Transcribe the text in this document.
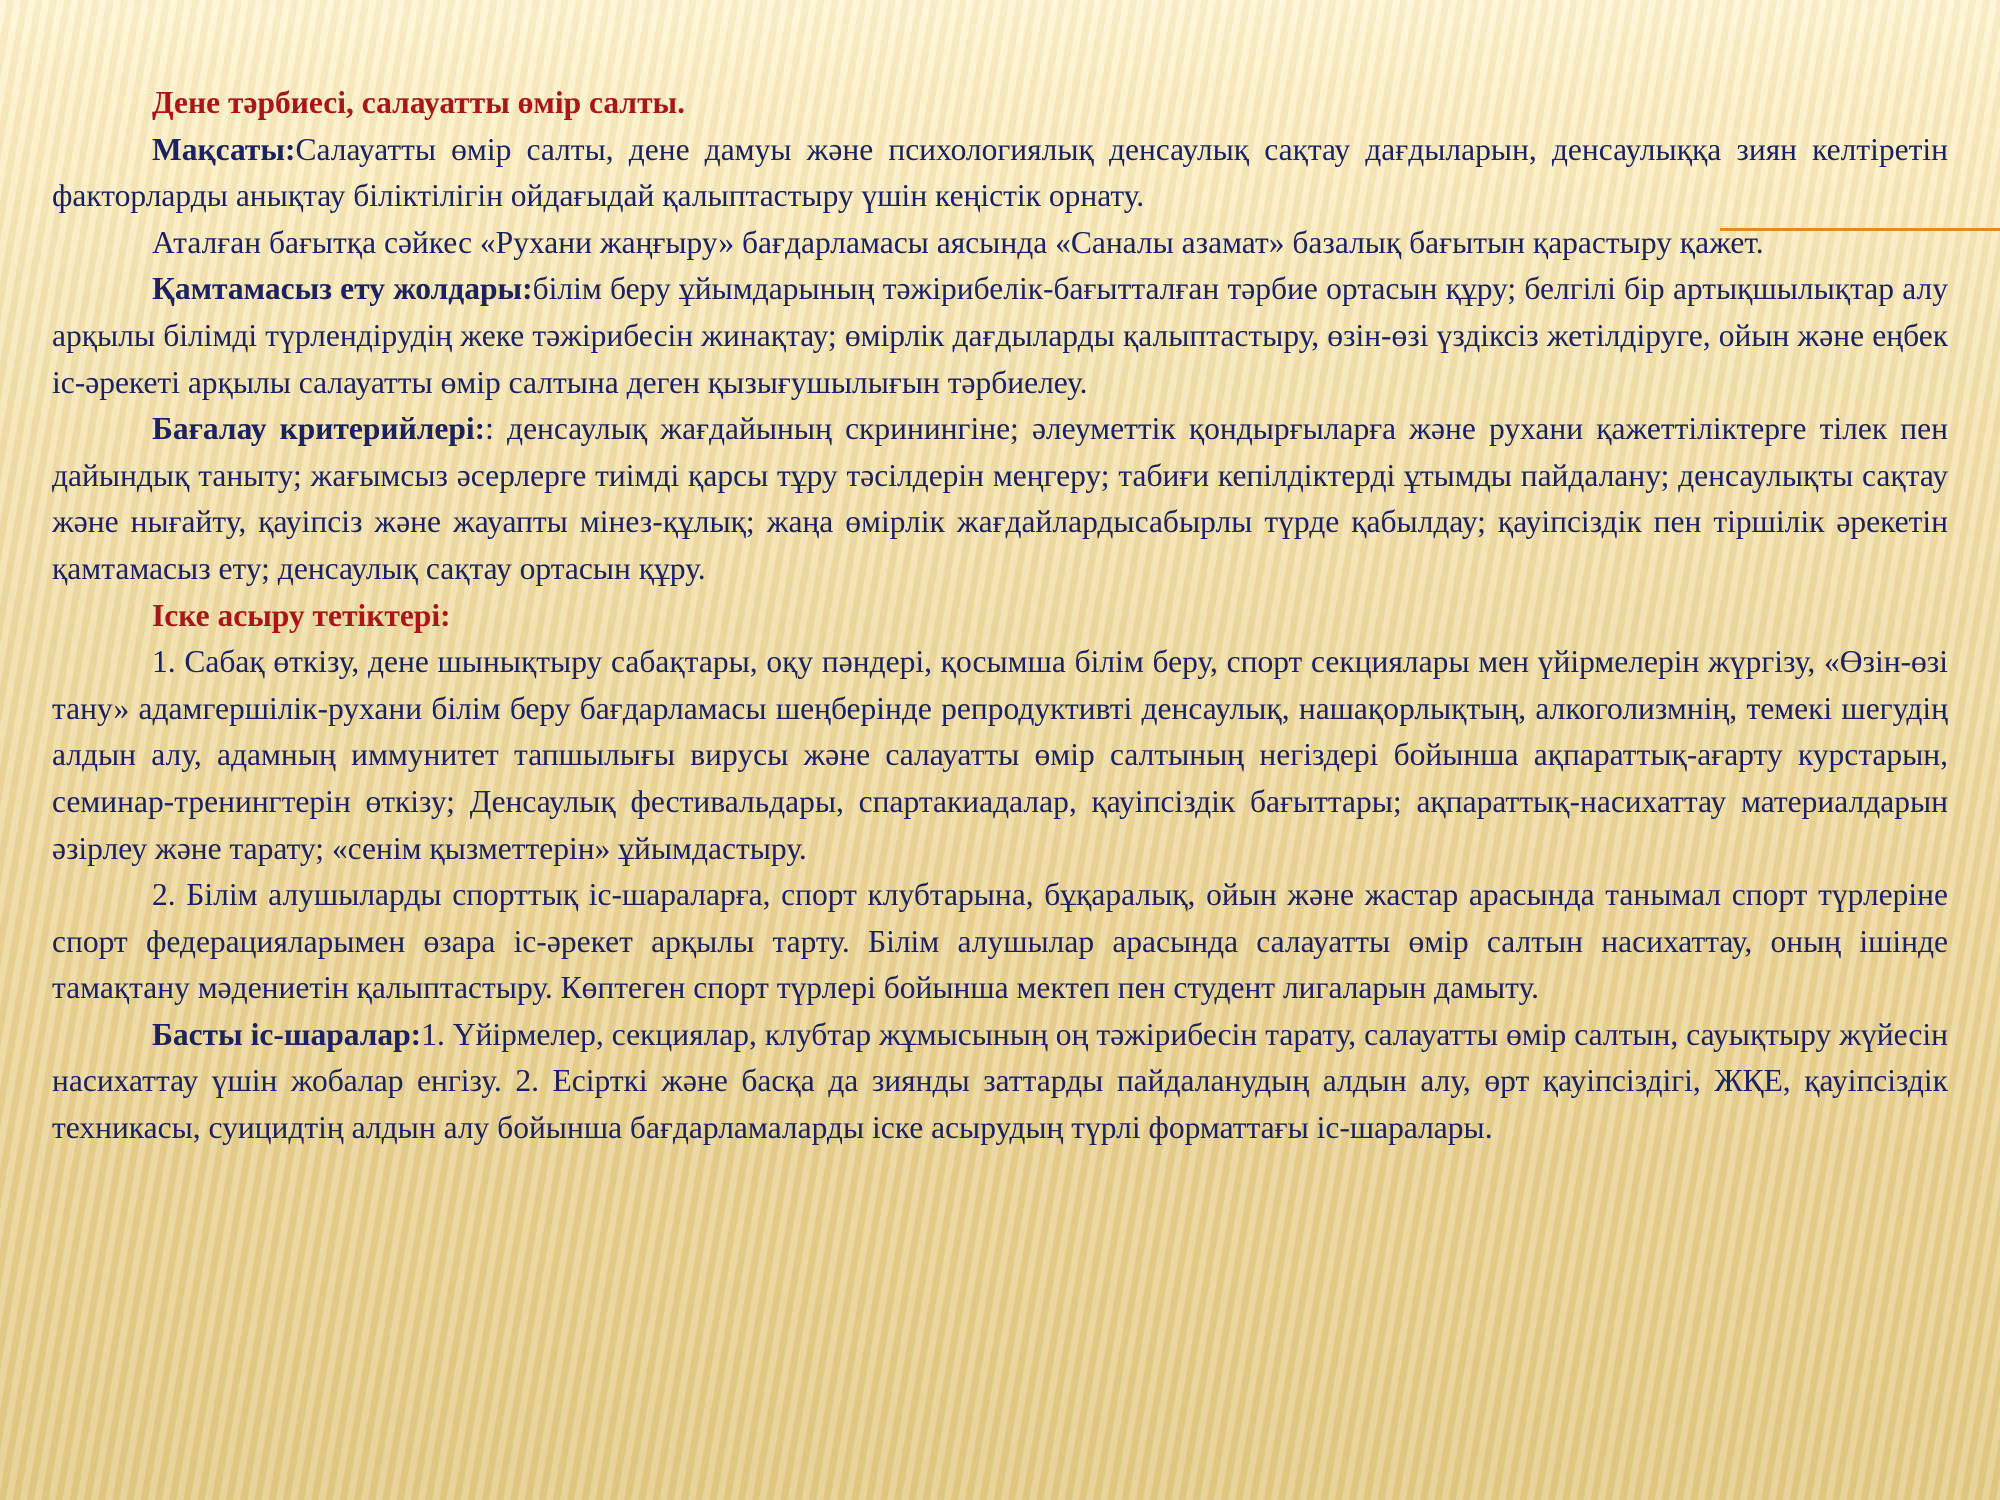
Дене тәрбиесі, салауатты өмір салты.

Мақсаты:Салауатты өмір салты, дене дамуы және психологиялық денсаулық сақтау дағдыларын, денсаулыққа зиян келтіретін факторларды анықтау біліктілігін ойдағыдай қалыптастыру үшін кеңістік орнату.

Аталған бағытқа сәйкес «Рухани жаңғыру» бағдарламасы аясында «Саналы азамат» базалық бағытын қарастыру қажет.

Қамтамасыз ету жолдары:білім беру ұйымдарының тәжірибелік-бағытталған тәрбие ортасын құру; белгілі бір артықшылықтар алу арқылы білімді түрлендірудің жеке тәжірибесін жинақтау; өмірлік дағдыларды қалыптастыру, өзін-өзі үздіксіз жетілдіруге, ойын және еңбек іс-әрекеті арқылы салауатты өмір салтына деген қызығушылығын тәрбиелеу.

Бағалау критерийлері:: денсаулық жағдайының скринингіне; әлеуметтік қондырғыларға және рухани қажеттіліктерге тілек пен дайындық таныту; жағымсыз әсерлерге тиімді қарсы тұру тәсілдерін меңгеру; табиғи кепілдіктерді ұтымды пайдалану; денсаулықты сақтау және нығайту, қауіпсіз және жауапты мінез-құлық; жаңа өмірлік жағдайлардысабырлы түрде қабылдау; қауіпсіздік пен тіршілік әрекетін қамтамасыз ету; денсаулық сақтау ортасын құру.

Іске асыру тетіктері:

1. Сабақ өткізу, дене шынықтыру сабақтары, оқу пәндері, қосымша білім беру, спорт секциялары мен үйірмелерін жүргізу, «Өзін-өзі тану» адамгершілік-рухани білім беру бағдарламасы шеңберінде репродуктивті денсаулық, нашақорлықтың, алкоголизмнің, темекі шегудің алдын алу, адамның иммунитет тапшылығы вирусы және салауатты өмір салтының негіздері бойынша ақпараттық-ағарту курстарын, семинар-тренингтерін өткізу; Денсаулық фестивальдары, спартакиадалар, қауіпсіздік бағыттары; ақпараттық-насихаттау материалдарын әзірлеу және тарату; «сенім қызметтерін» ұйымдастыру.

2. Білім алушыларды спорттық іс-шараларға, спорт клубтарына, бұқаралық, ойын және жастар арасында танымал спорт түрлеріне спорт федерацияларымен өзара іс-әрекет арқылы тарту. Білім алушылар арасында салауатты өмір салтын насихаттау, оның ішінде тамақтану мәдениетін қалыптастыру. Көптеген спорт түрлері бойынша мектеп пен студент лигаларын дамыту.

Басты іс-шаралар:1. Үйірмелер, секциялар, клубтар жұмысының оң тәжірибесін тарату, салауатты өмір салтын, сауықтыру жүйесін насихаттау үшін жобалар енгізу. 2. Есірткі және басқа да зиянды заттарды пайдаланудың алдын алу, өрт қауіпсіздігі, ЖҚЕ, қауіпсіздік техникасы, суицидтің алдын алу бойынша бағдарламаларды іске асырудың түрлі форматтағы іс-шаралары.
